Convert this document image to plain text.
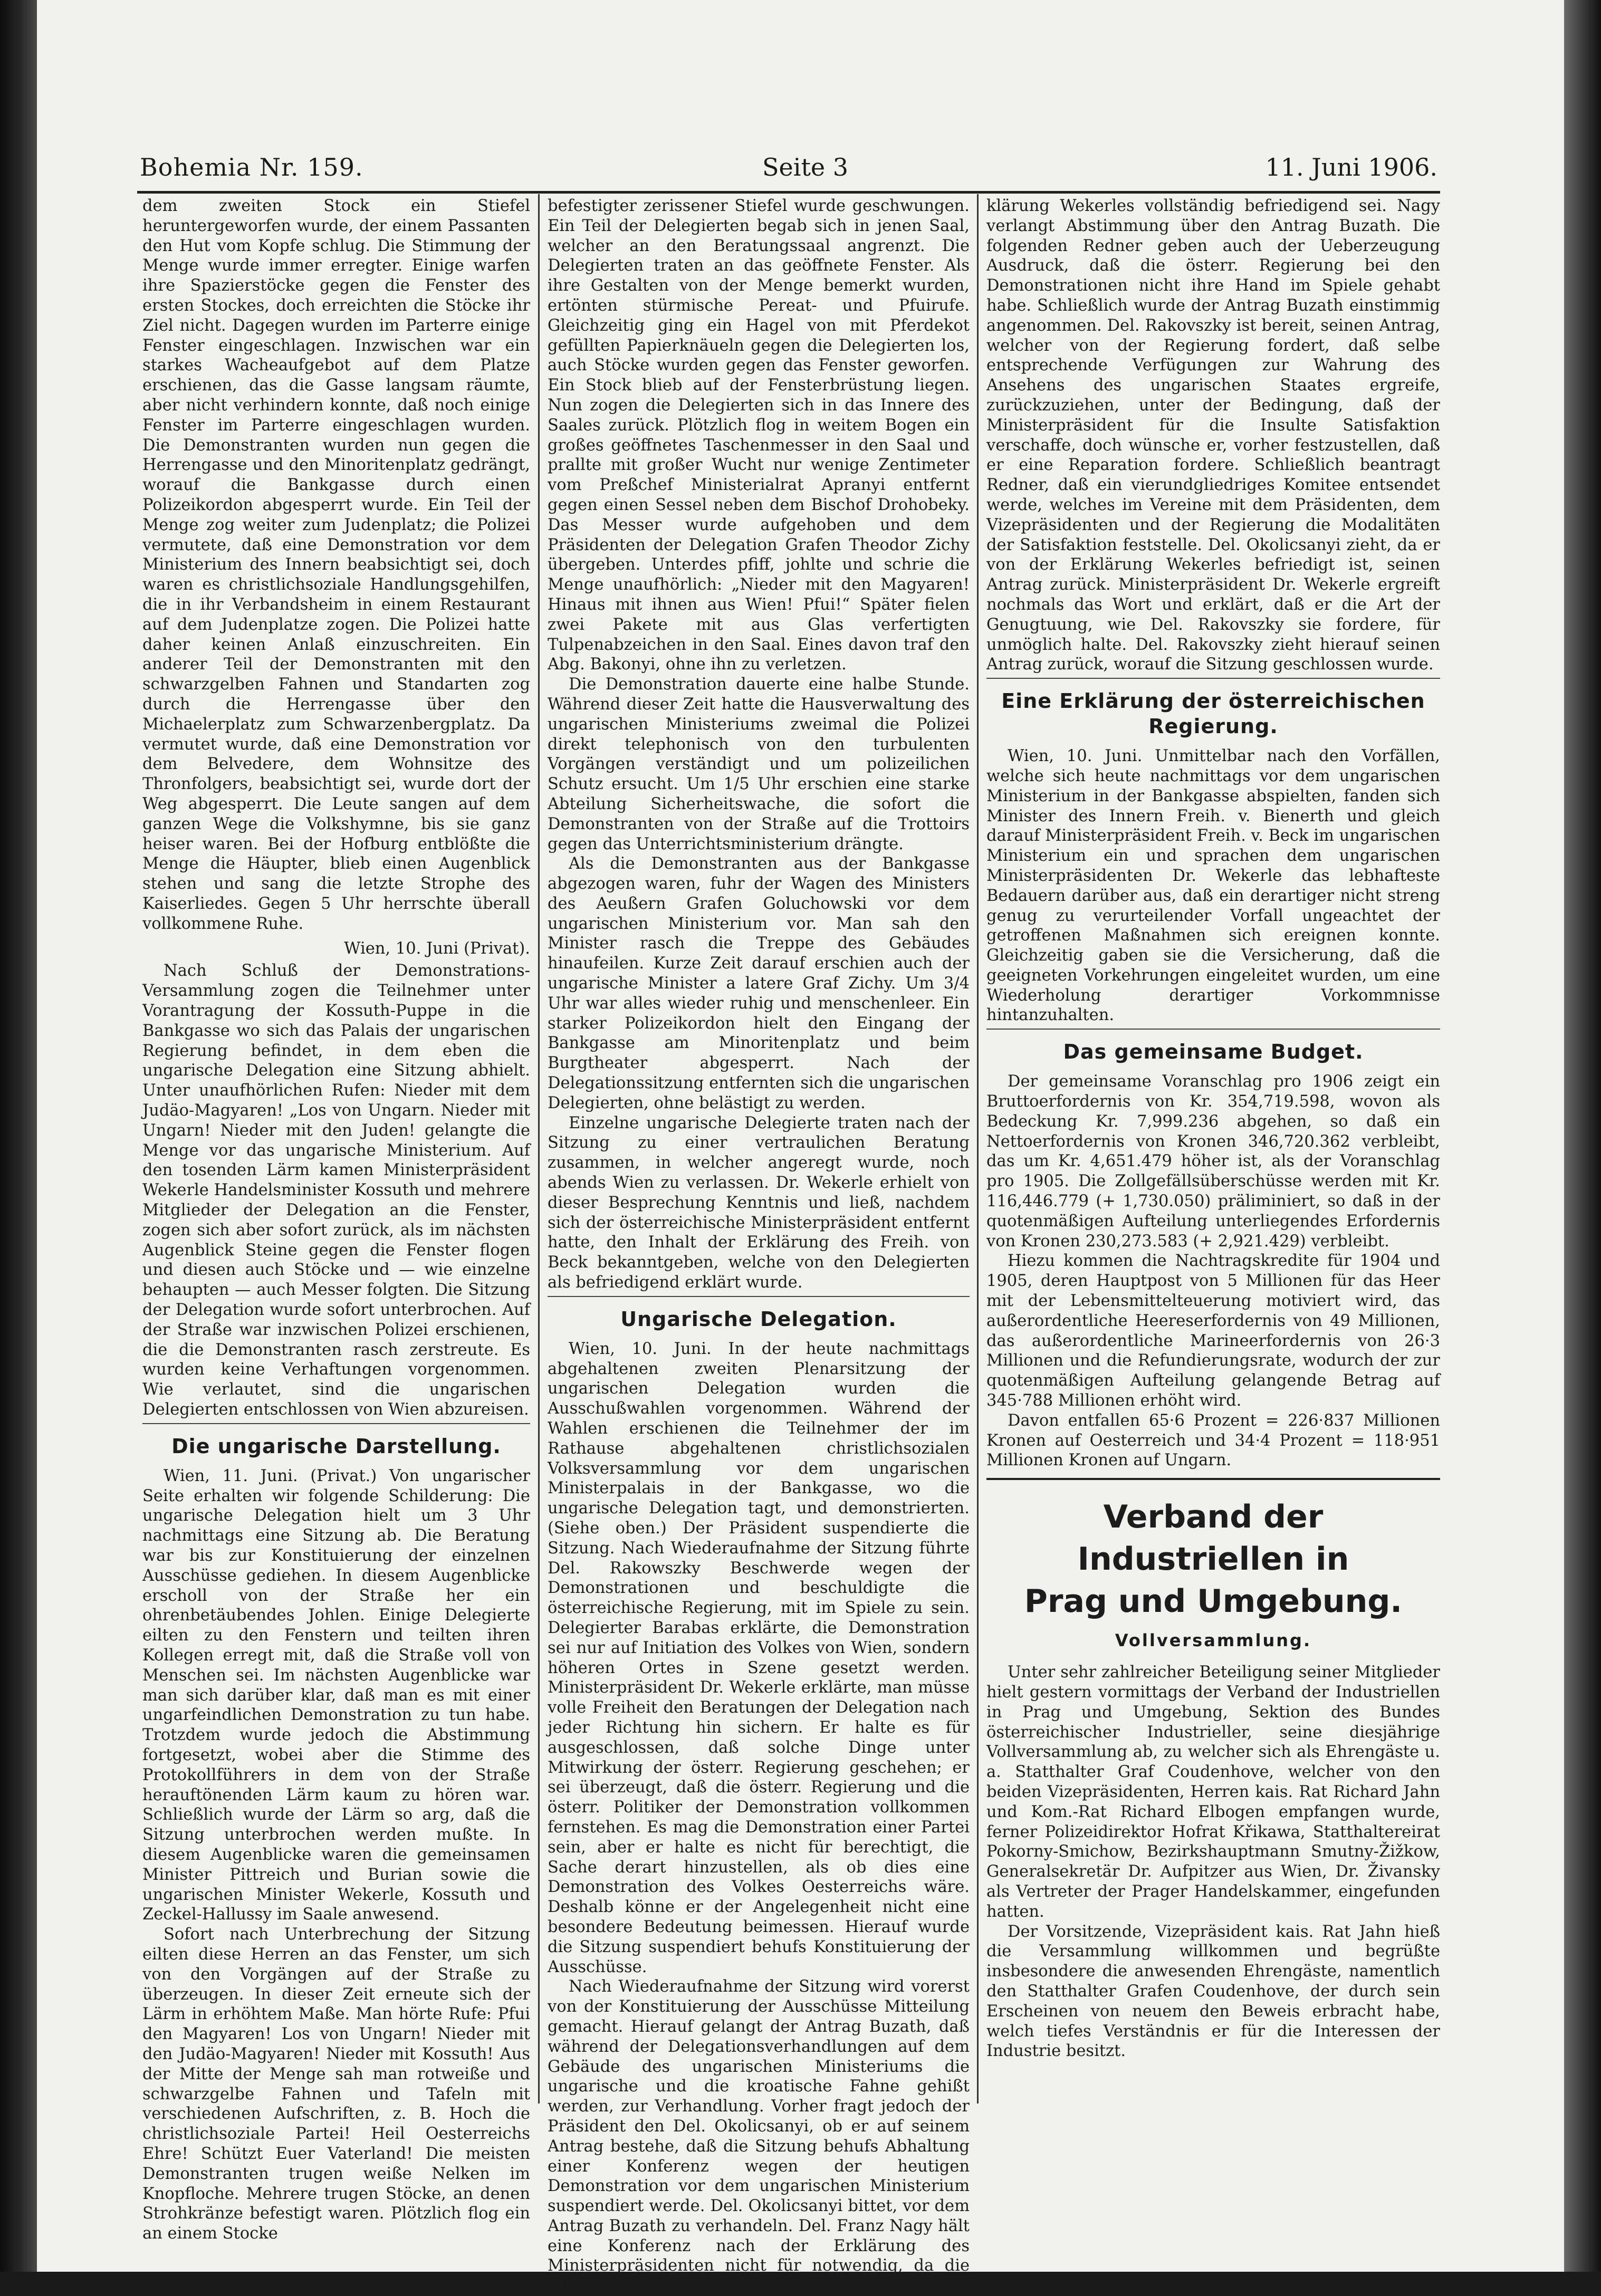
Bohemia Nr. 159.	Seite 3	11. Juni 1906.

dem zweiten Stock ein Stiefel heruntergeworfen wurde, der einem Passanten den Hut vom Kopfe schlug. Die Stimmung der Menge wurde immer erregter. Einige warfen ihre Spazierstöcke gegen die Fenster des ersten Stockes, doch erreichten die Stöcke ihr Ziel nicht. Dagegen wurden im Parterre einige Fenster eingeschlagen. Inzwischen war ein starkes Wacheaufgebot auf dem Platze erschienen, das die Gasse langsam räumte, aber nicht verhindern konnte, daß noch einige Fenster im Parterre eingeschlagen wurden. Die Demonstranten wurden nun gegen die Herrengasse und den Minoritenplatz gedrängt, worauf die Bankgasse durch einen Polizeikordon abgesperrt wurde. Ein Teil der Menge zog weiter zum Judenplatz; die Polizei vermutete, daß eine Demonstration vor dem Ministerium des Innern beabsichtigt sei, doch waren es christlichsoziale Handlungsgehilfen, die in ihr Verbandsheim in einem Restaurant auf dem Judenplatze zogen. Die Polizei hatte daher keinen Anlaß einzuschreiten. Ein anderer Teil der Demonstranten mit den schwarzgelben Fahnen und Standarten zog durch die Herrengasse über den Michaelerplatz zum Schwarzenbergplatz. Da vermutet wurde, daß eine Demonstration vor dem Belvedere, dem Wohnsitze des Thronfolgers, beabsichtigt sei, wurde dort der Weg abgesperrt. Die Leute sangen auf dem ganzen Wege die Volkshymne, bis sie ganz heiser waren. Bei der Hofburg entblößte die Menge die Häupter, blieb einen Augenblick stehen und sang die letzte Strophe des Kaiserliedes. Gegen 5 Uhr herrschte überall vollkommene Ruhe.

Wien, 10. Juni (Privat).

Nach Schluß der Demonstrations-Versammlung zogen die Teilnehmer unter Vorantragung der Kossuth-Puppe in die Bankgasse wo sich das Palais der ungarischen Regierung befindet, in dem eben die ungarische Delegation eine Sitzung abhielt. Unter unaufhörlichen Rufen: Nieder mit dem Judäo-Magyaren! „Los von Ungarn. Nieder mit Ungarn! Nieder mit den Juden! gelangte die Menge vor das ungarische Ministerium. Auf den tosenden Lärm kamen Ministerpräsident Wekerle Handelsminister Kossuth und mehrere Mitglieder der Delegation an die Fenster, zogen sich aber sofort zurück, als im nächsten Augenblick Steine gegen die Fenster flogen und diesen auch Stöcke und — wie einzelne behaupten — auch Messer folgten. Die Sitzung der Delegation wurde sofort unterbrochen. Auf der Straße war inzwischen Polizei erschienen, die die Demonstranten rasch zerstreute. Es wurden keine Verhaftungen vorgenommen. Wie verlautet, sind die ungarischen Delegierten entschlossen von Wien abzureisen.

Die ungarische Darstellung.

Wien, 11. Juni. (Privat.) Von ungarischer Seite erhalten wir folgende Schilderung: Die ungarische Delegation hielt um 3 Uhr nachmittags eine Sitzung ab. Die Beratung war bis zur Konstituierung der einzelnen Ausschüsse gediehen. In diesem Augenblicke erscholl von der Straße her ein ohrenbetäubendes Johlen. Einige Delegierte eilten zu den Fenstern und teilten ihren Kollegen erregt mit, daß die Straße voll von Menschen sei. Im nächsten Augenblicke war man sich darüber klar, daß man es mit einer ungarfeindlichen Demonstration zu tun habe. Trotzdem wurde jedoch die Abstimmung fortgesetzt, wobei aber die Stimme des Protokollführers in dem von der Straße herauftönenden Lärm kaum zu hören war. Schließlich wurde der Lärm so arg, daß die Sitzung unterbrochen werden mußte. In diesem Augenblicke waren die gemeinsamen Minister Pittreich und Burian sowie die ungarischen Minister Wekerle, Kossuth und Zeckel-Hallussy im Saale anwesend.

Sofort nach Unterbrechung der Sitzung eilten diese Herren an das Fenster, um sich von den Vorgängen auf der Straße zu überzeugen. In dieser Zeit erneute sich der Lärm in erhöhtem Maße. Man hörte Rufe: Pfui den Magyaren! Los von Ungarn! Nieder mit den Judäo-Magyaren! Nieder mit Kossuth! Aus der Mitte der Menge sah man rotweiße und schwarzgelbe Fahnen und Tafeln mit verschiedenen Aufschriften, z. B. Hoch die christlichsoziale Partei! Heil Oesterreichs Ehre! Schützt Euer Vaterland! Die meisten Demonstranten trugen weiße Nelken im Knopfloche. Mehrere trugen Stöcke, an denen Strohkränze befestigt waren. Plötzlich flog ein an einem Stocke

befestigter zerissener Stiefel wurde geschwungen. Ein Teil der Delegierten begab sich in jenen Saal, welcher an den Beratungssaal angrenzt. Die Delegierten traten an das geöffnete Fenster. Als ihre Gestalten von der Menge bemerkt wurden, ertönten stürmische Pereat- und Pfuirufe. Gleichzeitig ging ein Hagel von mit Pferdekot gefüllten Papierknäueln gegen die Delegierten los, auch Stöcke wurden gegen das Fenster geworfen. Ein Stock blieb auf der Fensterbrüstung liegen. Nun zogen die Delegierten sich in das Innere des Saales zurück. Plötzlich flog in weitem Bogen ein großes geöffnetes Taschenmesser in den Saal und prallte mit großer Wucht nur wenige Zentimeter vom Preßchef Ministerialrat Apranyi entfernt gegen einen Sessel neben dem Bischof Drohobeky. Das Messer wurde aufgehoben und dem Präsidenten der Delegation Grafen Theodor Zichy übergeben. Unterdes pfiff, johlte und schrie die Menge unaufhörlich: „Nieder mit den Magyaren! Hinaus mit ihnen aus Wien! Pfui!“ Später fielen zwei Pakete mit aus Glas verfertigten Tulpenabzeichen in den Saal. Eines davon traf den Abg. Bakonyi, ohne ihn zu verletzen.

Die Demonstration dauerte eine halbe Stunde. Während dieser Zeit hatte die Hausverwaltung des ungarischen Ministeriums zweimal die Polizei direkt telephonisch von den turbulenten Vorgängen verständigt und um polizeilichen Schutz ersucht. Um 1/5 Uhr erschien eine starke Abteilung Sicherheitswache, die sofort die Demonstranten von der Straße auf die Trottoirs gegen das Unterrichtsministerium drängte.

Als die Demonstranten aus der Bankgasse abgezogen waren, fuhr der Wagen des Ministers des Aeußern Grafen Goluchowski vor dem ungarischen Ministerium vor. Man sah den Minister rasch die Treppe des Gebäudes hinaufeilen. Kurze Zeit darauf erschien auch der ungarische Minister a latere Graf Zichy. Um 3/4 Uhr war alles wieder ruhig und menschenleer. Ein starker Polizeikordon hielt den Eingang der Bankgasse am Minoritenplatz und beim Burgtheater abgesperrt. Nach der Delegationssitzung entfernten sich die ungarischen Delegierten, ohne belästigt zu werden.

Einzelne ungarische Delegierte traten nach der Sitzung zu einer vertraulichen Beratung zusammen, in welcher angeregt wurde, noch abends Wien zu verlassen. Dr. Wekerle erhielt von dieser Besprechung Kenntnis und ließ, nachdem sich der österreichische Ministerpräsident entfernt hatte, den Inhalt der Erklärung des Freih. von Beck bekanntgeben, welche von den Delegierten als befriedigend erklärt wurde.

Ungarische Delegation.

Wien, 10. Juni. In der heute nachmittags abgehaltenen zweiten Plenarsitzung der ungarischen Delegation wurden die Ausschußwahlen vorgenommen. Während der Wahlen erschienen die Teilnehmer der im Rathause abgehaltenen christlichsozialen Volksversammlung vor dem ungarischen Ministerpalais in der Bankgasse, wo die ungarische Delegation tagt, und demonstrierten. (Siehe oben.) Der Präsident suspendierte die Sitzung. Nach Wiederaufnahme der Sitzung führte Del. Rakowszky Beschwerde wegen der Demonstrationen und beschuldigte die österreichische Regierung, mit im Spiele zu sein. Delegierter Barabas erklärte, die Demonstration sei nur auf Initiation des Volkes von Wien, sondern höheren Ortes in Szene gesetzt werden. Ministerpräsident Dr. Wekerle erklärte, man müsse volle Freiheit den Beratungen der Delegation nach jeder Richtung hin sichern. Er halte es für ausgeschlossen, daß solche Dinge unter Mitwirkung der österr. Regierung geschehen; er sei überzeugt, daß die österr. Regierung und die österr. Politiker der Demonstration vollkommen fernstehen. Es mag die Demonstration einer Partei sein, aber er halte es nicht für berechtigt, die Sache derart hinzustellen, als ob dies eine Demonstration des Volkes Oesterreichs wäre. Deshalb könne er der Angelegenheit nicht eine besondere Bedeutung beimessen. Hierauf wurde die Sitzung suspendiert behufs Konstituierung der Ausschüsse.

Nach Wiederaufnahme der Sitzung wird vorerst von der Konstituierung der Ausschüsse Mitteilung gemacht. Hierauf gelangt der Antrag Buzath, daß während der Delegationsverhandlungen auf dem Gebäude des ungarischen Ministeriums die ungarische und die kroatische Fahne gehißt werden, zur Verhandlung. Vorher fragt jedoch der Präsident den Del. Okolicsanyi, ob er auf seinem Antrag bestehe, daß die Sitzung behufs Abhaltung einer Konferenz wegen der heutigen Demonstration vor dem ungarischen Ministerium suspendiert werde. Del. Okolicsanyi bittet, vor dem Antrag Buzath zu verhandeln. Del. Franz Nagy hält eine Konferenz nach der Erklärung des Ministerpräsidenten nicht für notwendig, da die Er-

klärung Wekerles vollständig befriedigend sei. Nagy verlangt Abstimmung über den Antrag Buzath. Die folgenden Redner geben auch der Ueberzeugung Ausdruck, daß die österr. Regierung bei den Demonstrationen nicht ihre Hand im Spiele gehabt habe. Schließlich wurde der Antrag Buzath einstimmig angenommen. Del. Rakovszky ist bereit, seinen Antrag, welcher von der Regierung fordert, daß selbe entsprechende Verfügungen zur Wahrung des Ansehens des ungarischen Staates ergreife, zurückzuziehen, unter der Bedingung, daß der Ministerpräsident für die Insulte Satisfaktion verschaffe, doch wünsche er, vorher festzustellen, daß er eine Reparation fordere. Schließlich beantragt Redner, daß ein vierundgliedriges Komitee entsendet werde, welches im Vereine mit dem Präsidenten, dem Vizepräsidenten und der Regierung die Modalitäten der Satisfaktion feststelle. Del. Okolicsanyi zieht, da er von der Erklärung Wekerles befriedigt ist, seinen Antrag zurück. Ministerpräsident Dr. Wekerle ergreift nochmals das Wort und erklärt, daß er die Art der Genugtuung, wie Del. Rakovszky sie fordere, für unmöglich halte. Del. Rakovszky zieht hierauf seinen Antrag zurück, worauf die Sitzung geschlossen wurde.

Eine Erklärung der österreichischen Regierung.

Wien, 10. Juni. Unmittelbar nach den Vorfällen, welche sich heute nachmittags vor dem ungarischen Ministerium in der Bankgasse abspielten, fanden sich Minister des Innern Freih. v. Bienerth und gleich darauf Ministerpräsident Freih. v. Beck im ungarischen Ministerium ein und sprachen dem ungarischen Ministerpräsidenten Dr. Wekerle das lebhafteste Bedauern darüber aus, daß ein derartiger nicht streng genug zu verurteilender Vorfall ungeachtet der getroffenen Maßnahmen sich ereignen konnte. Gleichzeitig gaben sie die Versicherung, daß die geeigneten Vorkehrungen eingeleitet wurden, um eine Wiederholung derartiger Vorkommnisse hintanzuhalten.

Das gemeinsame Budget.

Der gemeinsame Voranschlag pro 1906 zeigt ein Bruttoerfordernis von Kr. 354,719.598, wovon als Bedeckung Kr. 7,999.236 abgehen, so daß ein Nettoerfordernis von Kronen 346,720.362 verbleibt, das um Kr. 4,651.479 höher ist, als der Voranschlag pro 1905. Die Zollgefällsüberschüsse werden mit Kr. 116,446.779 (+ 1,730.050) präliminiert, so daß in der quotenmäßigen Aufteilung unterliegendes Erfordernis von Kronen 230,273.583 (+ 2,921.429) verbleibt.

Hiezu kommen die Nachtragskredite für 1904 und 1905, deren Hauptpost von 5 Millionen für das Heer mit der Lebensmittelteuerung motiviert wird, das außerordentliche Heereserfordernis von 49 Millionen, das außerordentliche Marineerfordernis von 26·3 Millionen und die Refundierungsrate, wodurch der zur quotenmäßigen Aufteilung gelangende Betrag auf 345·788 Millionen erhöht wird.

Davon entfallen 65·6 Prozent = 226·837 Millionen Kronen auf Oesterreich und 34·4 Prozent = 118·951 Millionen Kronen auf Ungarn.

Verband der Industriellen in
Prag und Umgebung.
Vollversammlung.

Unter sehr zahlreicher Beteiligung seiner Mitglieder hielt gestern vormittags der Verband der Industriellen in Prag und Umgebung, Sektion des Bundes österreichischer Industrieller, seine diesjährige Vollversammlung ab, zu welcher sich als Ehrengäste u. a. Statthalter Graf Coudenhove, welcher von den beiden Vizepräsidenten, Herren kais. Rat Richard Jahn und Kom.-Rat Richard Elbogen empfangen wurde, ferner Polizeidirektor Hofrat Křikawa, Statthaltereirat Pokorny-Smichow, Bezirkshauptmann Smutny-Žižkow, Generalsekretär Dr. Aufpitzer aus Wien, Dr. Živansky als Vertreter der Prager Handelskammer, eingefunden hatten.

Der Vorsitzende, Vizepräsident kais. Rat Jahn hieß die Versammlung willkommen und begrüßte insbesondere die anwesenden Ehrengäste, namentlich den Statthalter Grafen Coudenhove, der durch sein Erscheinen von neuem den Beweis erbracht habe, welch tiefes Verständnis er für die Interessen der Industrie besitzt.
